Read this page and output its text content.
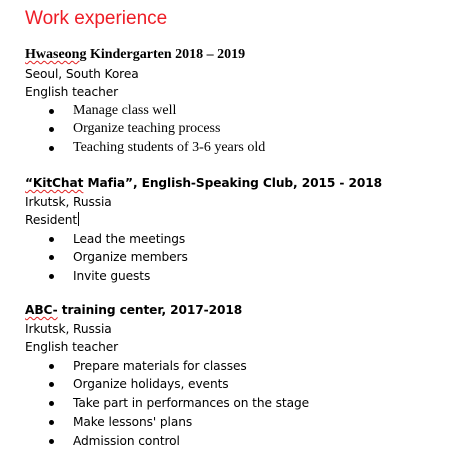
Work experience
Hwaseong Kindergarten 2018 – 2019
Seoul, South Korea
English teacher
Manage class well
Organize teaching process
Teaching students of 3-6 years old
“KitChat Mafia”, English-Speaking Club, 2015 - 2018
Irkutsk, Russia
Resident
Lead the meetings
Organize members
Invite guests
ABC- training center, 2017-2018
Irkutsk, Russia
English teacher
Prepare materials for classes
Organize holidays, events
Take part in performances on the stage
Make lessons' plans
Admission control
